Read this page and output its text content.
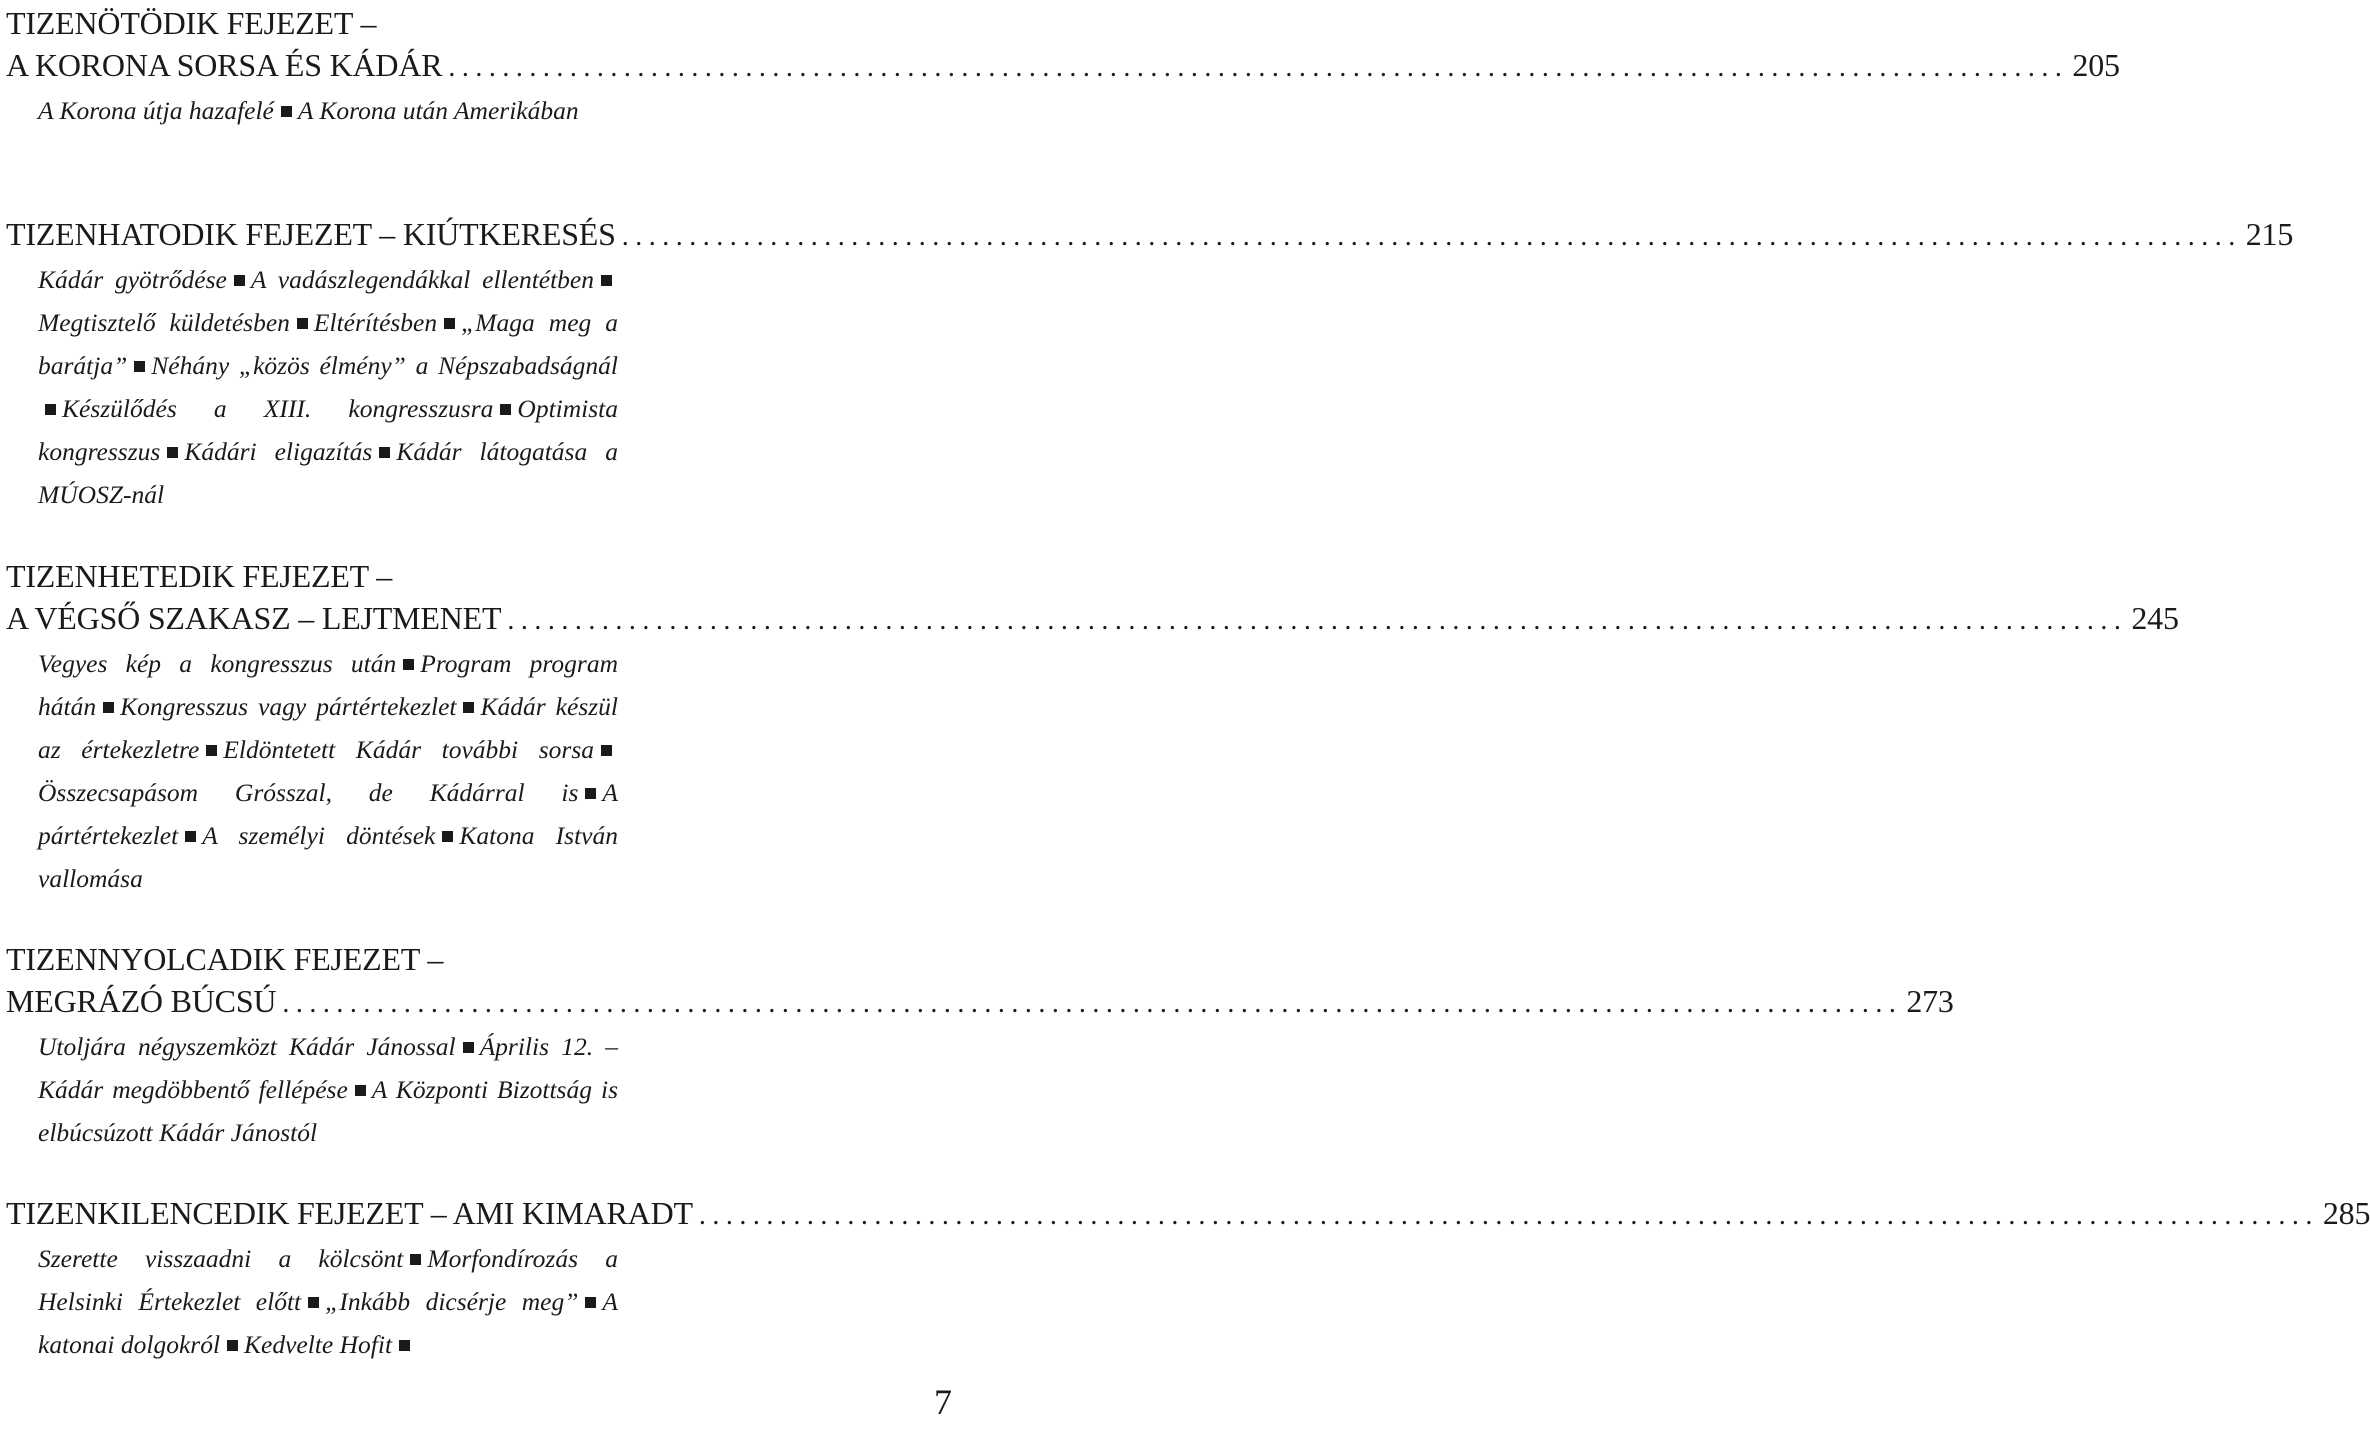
TIZENÖTÖDIK FEJEZET –
A KORONA SORSA ÉS KÁDÁR ........................................................................................................................ 205
A Korona útja hazafelé A Korona után Amerikában
TIZENHATODIK FEJEZET – KIÚTKERESÉS ........................................................................................................................ 215
Kádár gyötrődése A vadászlegendákkal ellentétbenMegtisztelő küldetésben Eltérítésben „Maga meg a barátja” Néhány „közös élmény” a NépszabadságnálKészülődés a XIII. kongresszusra Optimista kongresszus Kádári eligazítás Kádár látogatása a MÚOSZ-nál
TIZENHETEDIK FEJEZET –
A VÉGSŐ SZAKASZ – LEJTMENET ........................................................................................................................ 245
Vegyes kép a kongresszus után Program program hátán Kongresszus vagy pártértekezlet Kádár készül az értekezletre Eldöntetett Kádár további sorsaÖsszecsapásom Grósszal, de Kádárral is A pártértekezlet A személyi döntések Katona István vallomása
TIZENNYOLCADIK FEJEZET –
MEGRÁZÓ BÚCSÚ ........................................................................................................................ 273
Utoljára négyszemközt Kádár Jánossal Április 12. – Kádár megdöbbentő fellépése A Központi Bizottság is elbúcsúzott Kádár Jánostól
TIZENKILENCEDIK FEJEZET – AMI KIMARADT ........................................................................................................................ 285
Szerette visszaadni a kölcsönt Morfondírozás a Helsinki Értekezlet előtt „Inkább dicsérje meg” A katonai dolgokról Kedvelte Hofit
7
